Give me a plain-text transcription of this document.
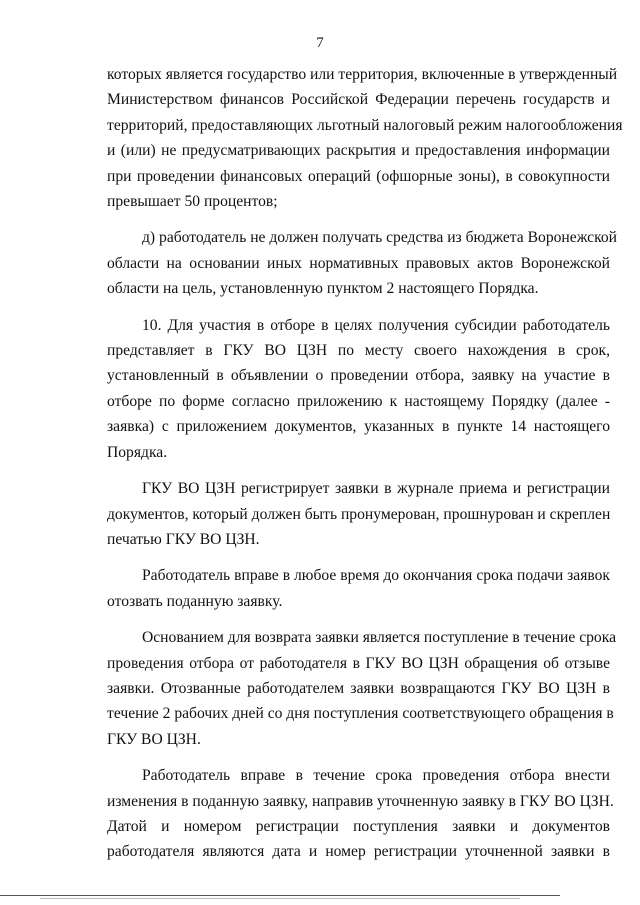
7

которых является государство или территория, включенные в утвержденный
Министерством финансов Российской Федерации перечень государств и
территорий, предоставляющих льготный налоговый режим налогообложения
и (или) не предусматривающих раскрытия и предоставления информации
при проведении финансовых операций (офшорные зоны), в совокупности
превышает 50 процентов;

д) работодатель не должен получать средства из бюджета Воронежской
области на основании иных нормативных правовых актов Воронежской
области на цель, установленную пунктом 2 настоящего Порядка.

10. Для участия в отборе в целях получения субсидии работодатель
представляет в ГКУ ВО ЦЗН по месту своего нахождения в срок,
установленный в объявлении о проведении отбора, заявку на участие в
отборе по форме согласно приложению к настоящему Порядку (далее -
заявка) с приложением документов, указанных в пункте 14 настоящего
Порядка.

ГКУ ВО ЦЗН регистрирует заявки в журнале приема и регистрации
документов, который должен быть пронумерован, прошнурован и скреплен
печатью ГКУ ВО ЦЗН.

Работодатель вправе в любое время до окончания срока подачи заявок
отозвать поданную заявку.

Основанием для возврата заявки является поступление в течение срока
проведения отбора от работодателя в ГКУ ВО ЦЗН обращения об отзыве
заявки. Отозванные работодателем заявки возвращаются ГКУ ВО ЦЗН в
течение 2 рабочих дней со дня поступления соответствующего обращения в
ГКУ ВО ЦЗН.

Работодатель вправе в течение срока проведения отбора внести
изменения в поданную заявку, направив уточненную заявку в ГКУ ВО ЦЗН.
Датой и номером регистрации поступления заявки и документов
работодателя являются дата и номер регистрации уточненной заявки в
